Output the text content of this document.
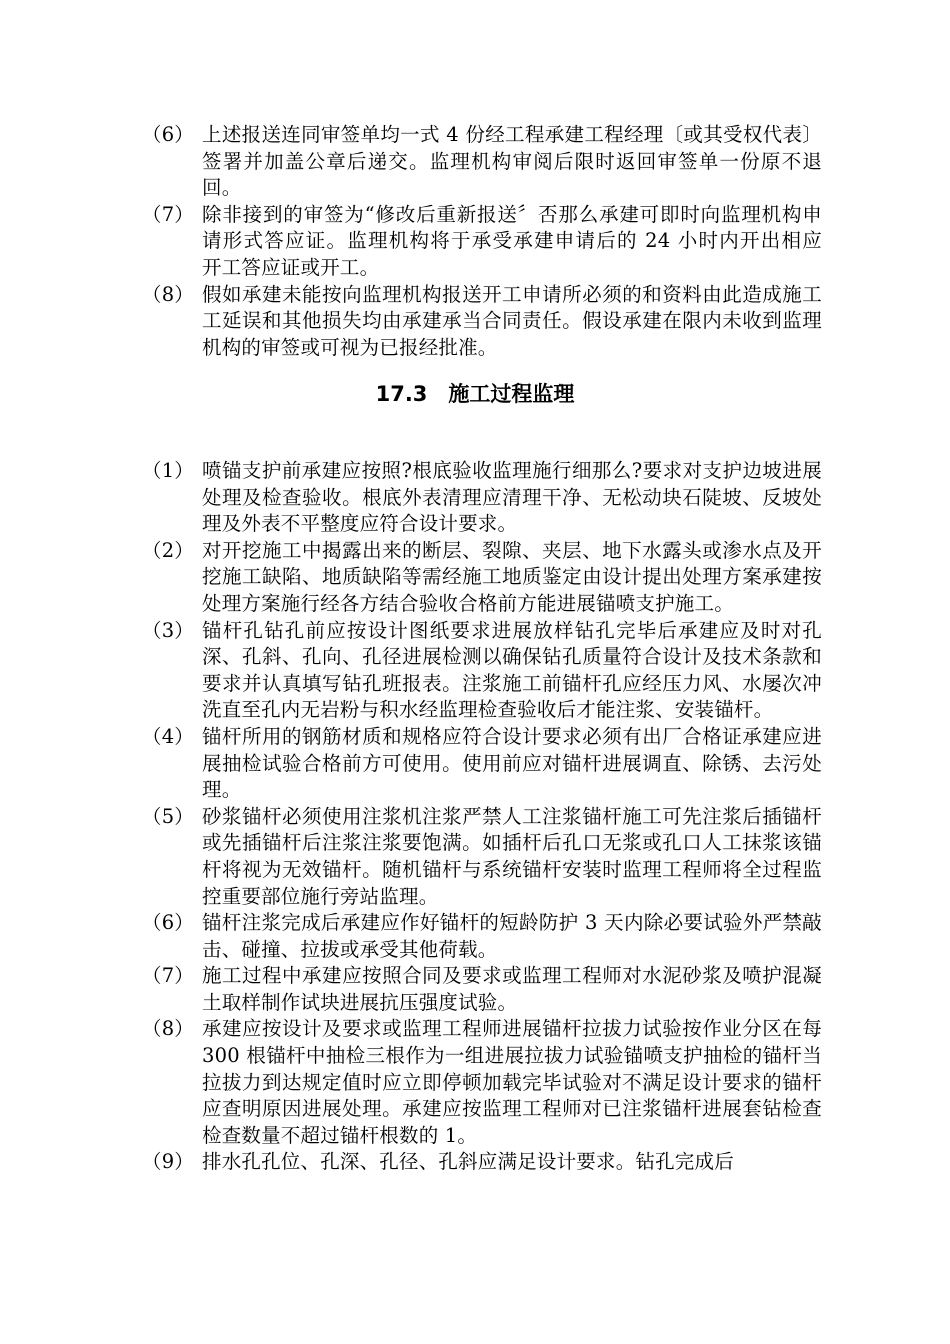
（6） 上述报送连同审签单均一式 4 份经工程承建工程经理〔或其受权代表〕签署并加盖公章后递交。监理机构审阅后限时返回审签单一份原不退回。
（7） 除非接到的审签为“修改后重新报送〞否那么承建可即时向监理机构申请形式答应证。监理机构将于承受承建申请后的 24 小时内开出相应　开工答应证或开工。
（8） 假如承建未能按向监理机构报送开工申请所必须的和资料由此造成施工工延误和其他损失均由承建承当合同责任。假设承建在限内未收到监理机构的审签或可视为已报经批准。
17.3　施工过程监理
（1） 喷锚支护前承建应按照?根底验收监理施行细那么?要求对支护边坡进展处理及检查验收。根底外表清理应清理干净、无松动块石陡坡、反坡处理及外表不平整度应符合设计要求。
（2） 对开挖施工中揭露出来的断层、裂隙、夹层、地下水露头或渗水点及开挖施工缺陷、地质缺陷等需经施工地质鉴定由设计提出处理方案承建按处理方案施行经各方结合验收合格前方能进展锚喷支护施工。
（3） 锚杆孔钻孔前应按设计图纸要求进展放样钻孔完毕后承建应及时对孔深、孔斜、孔向、孔径进展检测以确保钻孔质量符合设计及技术条款和要求并认真填写钻孔班报表。注浆施工前锚杆孔应经压力风、水屡次冲洗直至孔内无岩粉与积水经监理检查验收后才能注浆、安装锚杆。
（4） 锚杆所用的钢筋材质和规格应符合设计要求必须有出厂合格证承建应进展抽检试验合格前方可使用。使用前应对锚杆进展调直、除锈、去污处理。
（5） 砂浆锚杆必须使用注浆机注浆严禁人工注浆锚杆施工可先注浆后插锚杆或先插锚杆后注浆注浆要饱满。如插杆后孔口无浆或孔口人工抹浆该锚杆将视为无效锚杆。随机锚杆与系统锚杆安装时监理工程师将全过程监控重要部位施行旁站监理。
（6） 锚杆注浆完成后承建应作好锚杆的短龄防护 3 天内除必要试验外严禁敲击、碰撞、拉拔或承受其他荷载。
（7） 施工过程中承建应按照合同及要求或监理工程师对水泥砂浆及喷护混凝土取样制作试块进展抗压强度试验。
（8） 承建应按设计及要求或监理工程师进展锚杆拉拔力试验按作业分区在每 300 根锚杆中抽检三根作为一组进展拉拔力试验锚喷支护抽检的锚杆当拉拔力到达规定值时应立即停顿加载完毕试验对不满足设计要求的锚杆应查明原因进展处理。承建应按监理工程师对已注浆锚杆进展套钻检查检查数量不超过锚杆根数的 1。
（9） 排水孔孔位、孔深、孔径、孔斜应满足设计要求。钻孔完成后
